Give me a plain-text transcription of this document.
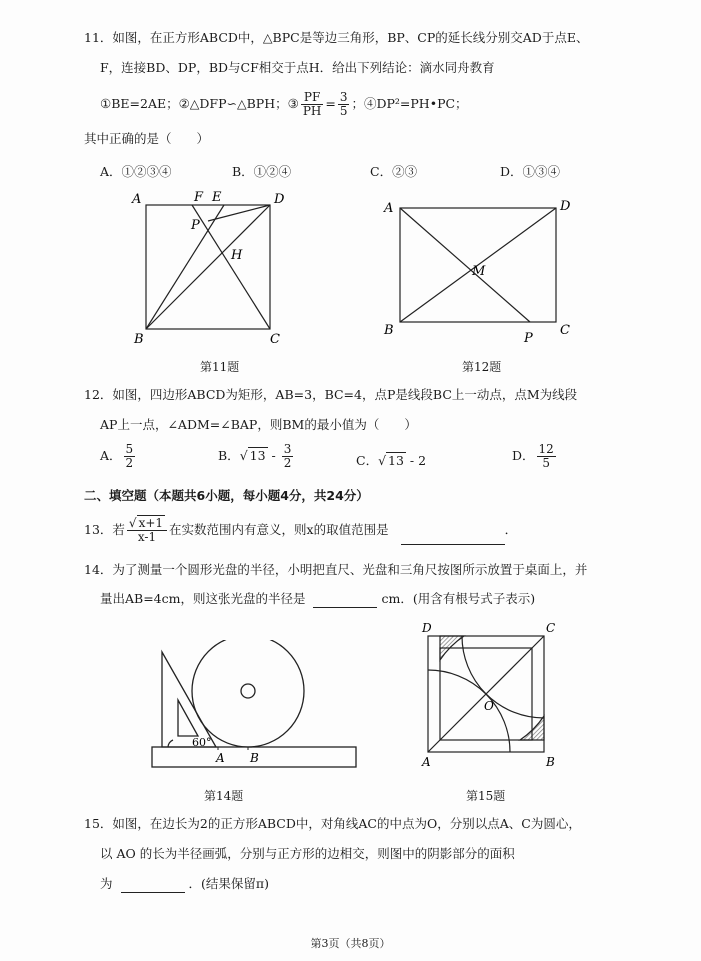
11．如图，在正方形ABCD中，△BPC是等边三角形，BP、CP的延长线分别交AD于点E、
F，连接BD、DP，BD与CF相交于点H．给出下列结论：滴水同舟教育
①BE=2AE；②△DFP∽△BPH；③ $\frac{PF}{PH} = \frac{3}{5}$ ；④DP²=PH•PC；
其中正确的是（　　）
A．①②③④	B．①②④	C．②③	D．①③④
A	F E	D
P
H
B	C
第11题
A	D
M
B	C
P
第12题
12．如图，四边形ABCD为矩形，AB=3，BC=4，点P是线段BC上一动点，点M为线段
AP上一点，∠ADM=∠BAP，则BM的最小值为（　　）
A． $\frac{5}{2}$	B．√ $13 - \frac{3}{2}$	C．√ 13 - 2	D． $\frac{12}{5}$
二、填空题（本题共6小题，每小题4分，共24分）
13．若 $\frac{√ x+1}{x-1}$ 在实数范围内有意义，则x的取值范围是	．
14．为了测量一个圆形光盘的半径，小明把直尺、光盘和三角尺按图所示放置于桌面上，并
量出AB=4cm，则这张光盘的半径是	cm．(用含有根号式子表示)
60°
A B
第14题
D	C
O
A	B
第15题
15．如图，在边长为2的正方形ABCD中，对角线AC的中点为O，分别以点A、C为圆心，
以 AO 的长为半径画弧，分别与正方形的边相交，则图中的阴影部分的面积
为	．(结果保留π)
第3页（共8页）
